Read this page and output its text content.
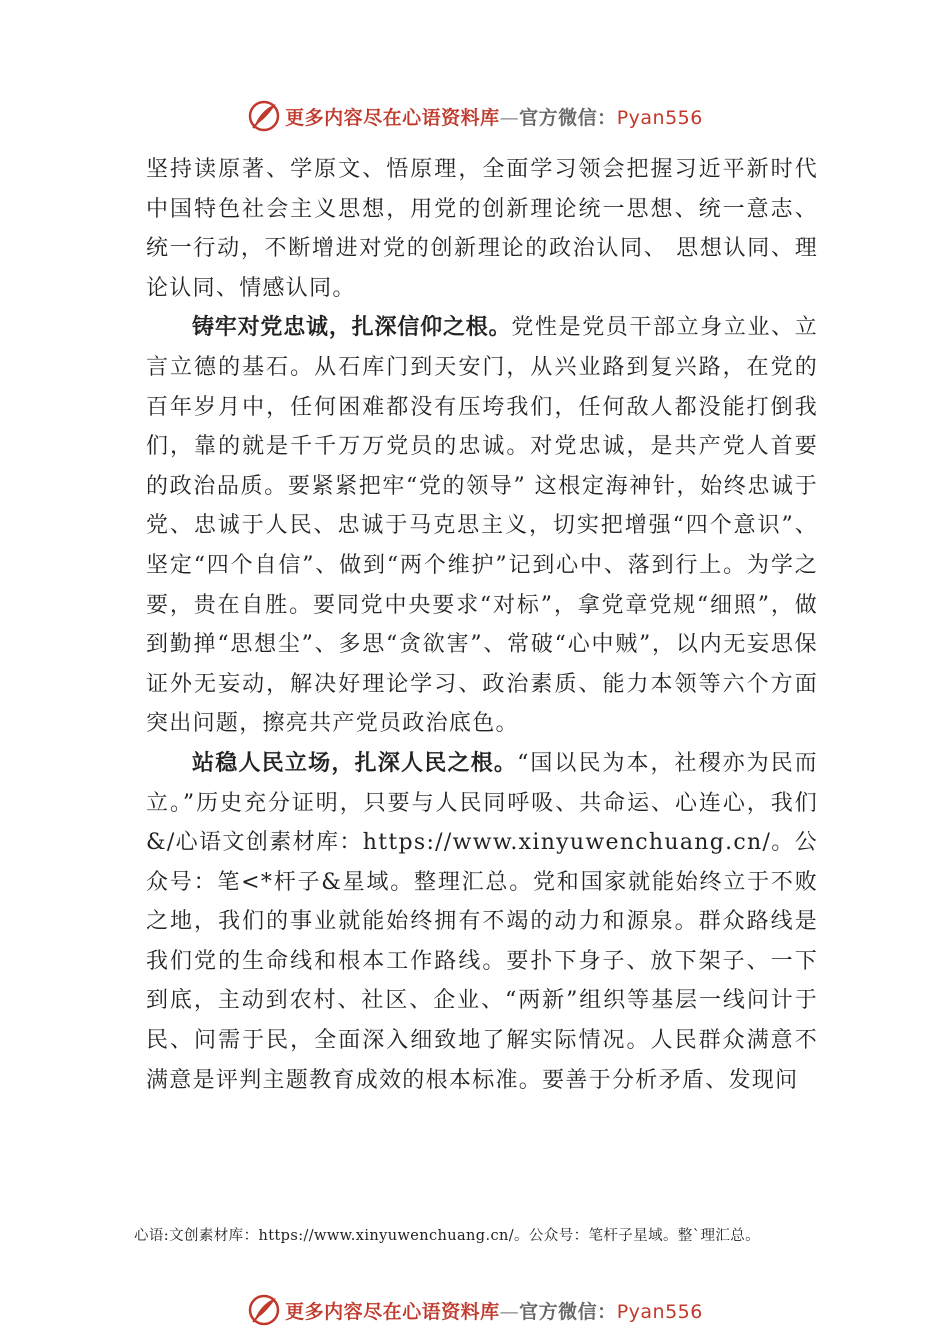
更多内容尽在心语资料库—官方微信：Pyan556

坚持读原著、学原文、悟原理，全面学习领会把握习近平新时代中国特色社会主义思想，用党的创新理论统一思想、统一意志、统一行动，不断增进对党的创新理论的政治认同、 思想认同、理论认同、情感认同。

铸牢对党忠诚，扎深信仰之根。党性是党员干部立身立业、立言立德的基石。从石库门到天安门，从兴业路到复兴路，在党的百年岁月中，任何困难都没有压垮我们，任何敌人都没能打倒我们，靠的就是千千万万党员的忠诚。对党忠诚，是共产党人首要的政治品质。要紧紧把牢“党的领导” 这根定海神针，始终忠诚于党、忠诚于人民、忠诚于马克思主义，切实把增强“四个意识”、坚定“四个自信”、做到“两个维护”记到心中、落到行上。为学之要，贵在自胜。要同党中央要求“对标”，拿党章党规“细照”，做到勤掸“思想尘”、多思“贪欲害”、常破“心中贼”，以内无妄思保证外无妄动，解决好理论学习、政治素质、能力本领等六个方面突出问题，擦亮共产党员政治底色。

站稳人民立场，扎深人民之根。“国以民为本，社稷亦为民而立。”历史充分证明，只要与人民同呼吸、共命运、心连心，我们&/心语文创素材库：https://www.xinyuwenchuang.cn/。公众号：笔<*杆子&星域。整理汇总。党和国家就能始终立于不败之地，我们的事业就能始终拥有不竭的动力和源泉。群众路线是我们党的生命线和根本工作路线。要扑下身子、放下架子、一下到底，主动到农村、社区、企业、“两新”组织等基层一线问计于民、问需于民，全面深入细致地了解实际情况。人民群众满意不满意是评判主题教育成效的根本标准。要善于分析矛盾、发现问

心语:文创素材库：https://www.xinyuwenchuang.cn/。公众号：笔杆子星域。整`理汇总。
更多内容尽在心语资料库—官方微信：Pyan556
